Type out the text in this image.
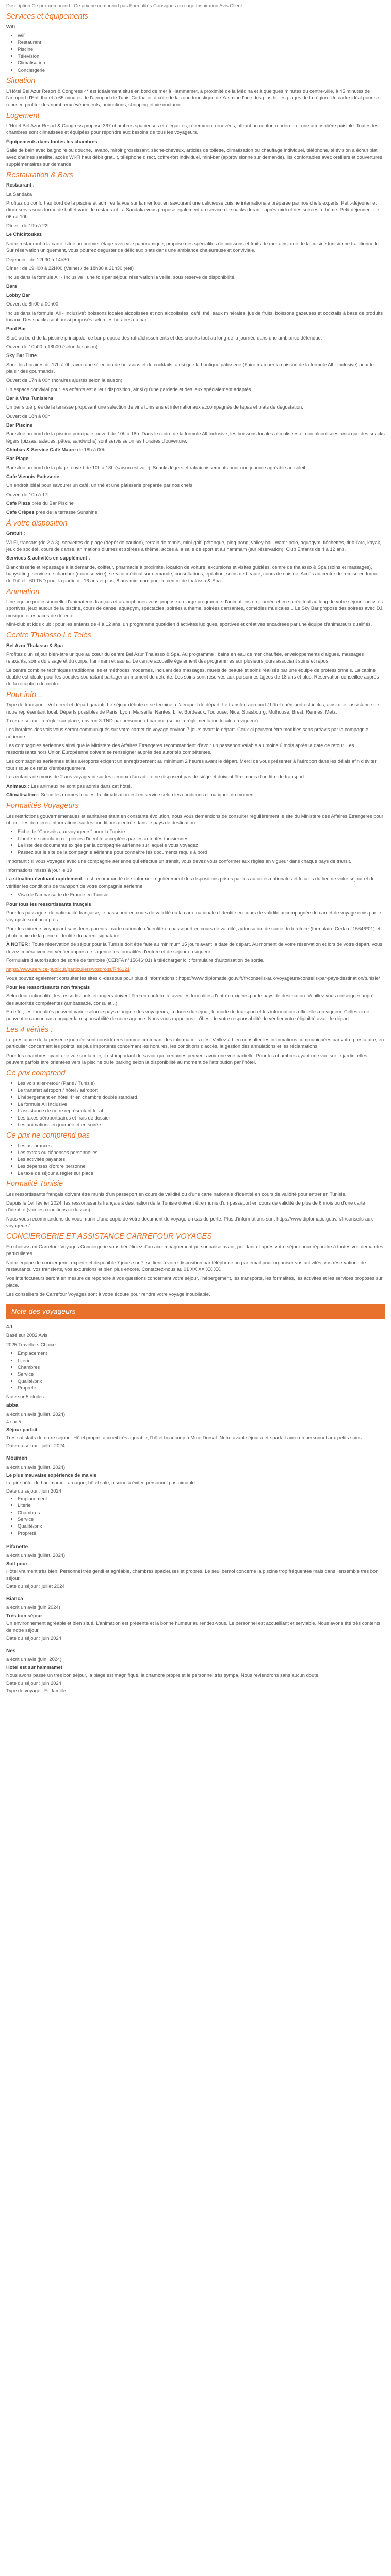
Description Ce prix comprend : Ce prix ne comprend pas Formalités Consignes en cage Inspiration Avis Client

Services et équipements

Wifi

• Wifi
• Restaurant
• Piscine
• Télévision
• Climatisation
• Conciergerie
Situation

L'Hôtel Bel Azur Resort & Congress 4* est idéalement situé en bord de mer à Hammamet, à proximité de la Médina et à quelques minutes du centre-ville, à 45 minutes de l'aéroport d'Enfidha et à 65 minutes de l'aéroport de Tunis-Carthage, à côté de la zone touristique de Yasmine l'une des plus belles plages de la région. Un cadre idéal pour se reposer, profiter des nombreux événements, animations, shopping et vie nocturne.

Logement

L'Hôtel Bel Azur Resort & Congress propose 367 chambres spacieuses et élégantes, récemment rénovées, offrant un confort moderne et une atmosphère paisible. Toutes les chambres sont climatisées et équipées pour répondre aux besoins de tous les voyageurs.

Équipements dans toutes les chambres

Salle de bain avec baignoire ou douche, lavabo, miroir grossissant, sèche-cheveux, articles de toilette, climatisation ou chauffage individuel, téléphone, télévision à écran plat avec chaînes satellite, accès Wi-Fi haut débit gratuit, téléphone direct, coffre-fort individuel, mini-bar (approvisionné sur demande), lits confortables avec oreillers et couvertures supplémentaires sur demande.

Restauration & Bars

Restaurant :

La Sandaka

Profitez du confort au bord de la piscine et admirez la vue sur la mer tout en savourant une délicieuse cuisine internationale préparée par nos chefs experts. Petit-déjeuner et dîner servis sous forme de buffet varié, le restaurant La Sandaka vous propose également un service de snacks durant l'après-midi et des soirées à thème. Petit déjeuner : de 06h à 10h

Dîner : de 19h à 22h

Le Chicktoukaz

Notre restaurant à la carte, situé au premier étage avec vue panoramique, propose des spécialités de poissons et fruits de mer ainsi que de la cuisine tunisienne traditionnelle. Sur réservation uniquement, vous pourrez déguster de délicieux plats dans une ambiance chaleureuse et conviviale.

Déjeuner : de 12h30 à 14h30

Dîner : de 19H00 à 22H00 (Veine) / de 18h30 à 21h30 (été)

Inclus dans la formule All - Inclusive : une fois par séjour, réservation la veille, sous réserve de disponibilité.

Bars

Lobby Bar

Ouvert de 8h00 à 00h00

Inclus dans la formule 'All - Inclusive': boissons locales alcoolisées et non alcoolisées, café, thé, eaux minérales, jus de fruits, boissons gazeuses et cocktails à base de produits locaux. Des snacks sont aussi proposés selon les horaires du bar.

Pool Bar

Situé au bord de la piscine principale, ce bar propose des rafraîchissements et des snacks tout au long de la journée dans une ambiance détendue.

Ouvert de 10h00 à 18h00 (selon la saison)

Sky Bar Time

Sous les horaires de 17h à 0h, avec une sélection de boissons et de cocktails, ainsi que la boutique pâtisserie (Faire marcher la cuisson de la formule All - Inclusive) pour le plaisir des gourmands.

Ouvert de 17h à 00h (horaires ajustés selon la saison)

Un espace convivial pour les enfants est à leur disposition, ainsi qu'une garderie et des jeux spécialement adaptés.

Bar à Vins Tunisiens

Un bar situé près de la terrasse proposant une sélection de vins tunisiens et internationaux accompagnés de tapas et plats de dégustation.

Ouvert de 18h à 00h

Bar Piscine

Bar situé au bord de la piscine principale, ouvert de 10h à 18h. Dans le cadre de la formule All Inclusive, les boissons locales alcoolisées et non alcoolisées ainsi que des snacks légers (pizzas, salades, pâtes, sandwichs) sont servis selon les horaires d'ouverture.

Chichas & Service Café Maure de 18h à 00h

Bar Plage

Bar situé au bord de la plage, ouvert de 10h à 18h (saison estivale). Snacks légers et rafraîchissements pour une journée agréable au soleil.

Cafe Vienois Patisserie

Un endroit idéal pour savourer un café, un thé et une pâtisserie préparée par nos chefs.

Ouvert de 10h à 17h

Cafe Plaza près du Bar Piscine

Cafe Crêpes près de la terrasse Sunshine

À votre disposition

Gratuit :

Wi-Fi, transats (de 2 à 3), serviettes de plage (dépôt de caution), terrain de tennis, mini-golf, pétanque, ping-pong, volley-ball, water-polo, aquagym, fléchettes, tir à l'arc, kayak, jeux de société, cours de danse, animations diurnes et soirées à thème, accès à la salle de sport et au hammam (sur réservation), Club Enfants de 4 à 12 ans.

Services & activités en supplément :

Blanchisserie et repassage à la demande, coiffeur, pharmacie à proximité, location de voiture, excursions et visites guidées, centre de thalasso & Spa (soins et massages), babysitting, service de chambre (room service), service médical sur demande, consultations, épilation, soins de beauté, cours de cuisine. Accès au centre de remise en forme de l'hôtel : 60 TND pour la partie de 16 ans et plus, 8 ans minimum pour le centre de thalasso & Spa.

Animation

Une équipe professionnelle d'animateurs français et arabophones vous propose un large programme d'animations en journée et en soirée tout au long de votre séjour : activités sportives, jeux autour de la piscine, cours de danse, aquagym, spectacles, soirées à thème, soirées dansantes, comédies musicales... Le Sky Bar propose des soirées avec DJ, musique et espaces de détente.

Mini-club et kids club : pour les enfants de 4 à 12 ans, un programme quotidien d'activités ludiques, sportives et créatives encadrées par une équipe d'animateurs qualifiés.

Centre Thalasso Le Telès

Bel Azur Thalasso & Spa

Profitez d'un séjour bien-être unique au cœur du centre Bel Azur Thalasso & Spa. Au programme : bains en eau de mer chauffée, enveloppements d'algues, massages relaxants, soins du visage et du corps, hammam et sauna. Le centre accueille également des programmes sur plusieurs jours associant soins et repos.

Le centre combine techniques traditionnelles et méthodes modernes, incluant des massages, rituels de beauté et soins réalisés par une équipe de professionnels. La cabine double est idéale pour les couples souhaitant partager un moment de détente. Les soins sont réservés aux personnes âgées de 18 ans et plus. Réservation conseillée auprès de la réception du centre.

Pour info...

Type de transport : Vol direct et départ garanti. Le séjour débute et se termine à l'aéroport de départ. Le transfert aéroport / hôtel / aéroport est inclus, ainsi que l'assistance de notre représentant local. Départs possibles de Paris, Lyon, Marseille, Nantes, Lille, Bordeaux, Toulouse, Nice, Strasbourg, Mulhouse, Brest, Rennes, Metz.

Taxe de séjour : à régler sur place, environ 3 TND par personne et par nuit (selon la réglementation locale en vigueur).

Les horaires des vols vous seront communiqués sur votre carnet de voyage environ 7 jours avant le départ. Ceux-ci peuvent être modifiés sans préavis par la compagnie aérienne.

Les compagnies aériennes ainsi que le Ministère des Affaires Étrangères recommandent d'avoir un passeport valable au moins 6 mois après la date de retour. Les ressortissants hors Union Européenne doivent se renseigner auprès des autorités compétentes.

Les compagnies aériennes et les aéroports exigent un enregistrement au minimum 2 heures avant le départ. Merci de vous présenter à l'aéroport dans les délais afin d'éviter tout risque de refus d'embarquement.

Les enfants de moins de 2 ans voyageant sur les genoux d'un adulte ne disposent pas de siège et doivent être munis d'un titre de transport.

Animaux : Les animaux ne sont pas admis dans cet hôtel.

Climatisation : Selon les normes locales, la climatisation est en service selon les conditions climatiques du moment.

Formalités Voyageurs

Les restrictions gouvernementales et sanitaires étant en constante évolution, nous vous demandons de consulter régulièrement le site du Ministère des Affaires Étrangères pour obtenir les dernières informations sur les conditions d'entrée dans le pays de destination.

• Fiche de "Conseils aux voyageurs" pour la Tunisie
• Liberté de circulation et pièces d'identité acceptées par les autorités tunisiennes
• La liste des documents exigés par la compagnie aérienne sur laquelle vous voyagez
• Passez sur le site de la compagnie aérienne pour connaître les documents requis à bord

Important : si vous voyagez avec une compagnie aérienne qui effectue un transit, vous devez vous conformer aux règles en vigueur dans chaque pays de transit.

Informations mises à jour le 19

La situation évoluant rapidement il est recommandé de s'informer régulièrement des dispositions prises par les autorités nationales et locales du lieu de votre séjour et de vérifier les conditions de transport de votre compagnie aérienne.

• Visa de l'ambassade de France en Tunisie

Pour tous les ressortissants français

Pour les passagers de nationalité française, le passeport en cours de validité ou la carte nationale d'identité en cours de validité accompagnée du carnet de voyage émis par le voyagiste sont acceptés.

Pour les mineurs voyageant sans leurs parents : carte nationale d'identité ou passeport en cours de validité, autorisation de sortie du territoire (formulaire Cerfa n°15646*01) et photocopie de la pièce d'identité du parent signataire.

À NOTER : Toute réservation de séjour pour la Tunisie doit être faite au minimum 15 jours avant la date de départ. Au moment de votre réservation et lors de votre départ, vous devez impérativement vérifier auprès de l'agence les formalités d'entrée et de séjour en vigueur.

Formulaire d'autorisation de sortie de territoire (CERFA n°15646*01) à télécharger ici : formulaire d'autorisation de sortie.

https://www.service-public.fr/particuliers/vosdroits/R46121

Vous pouvez également consulter les sites ci-dessous pour plus d'informations : https://www.diplomatie.gouv.fr/fr/conseils-aux-voyageurs/conseils-par-pays-destination/tunisie/

Pour les ressortissants non français

Selon leur nationalité, les ressortissants étrangers doivent être en conformité avec les formalités d'entrée exigées par le pays de destination. Veuillez vous renseigner auprès des autorités compétentes (ambassade, consulat...).

En effet, les formalités peuvent varier selon le pays d'origine des voyageurs, la durée du séjour, le mode de transport et les informations officielles en vigueur. Celles-ci ne peuvent en aucun cas engager la responsabilité de notre agence. Nous vous rappelons qu'il est de votre responsabilité de vérifier votre éligibilité avant le départ.

Les 4 vérités :

Le prestataire de la présente journée sont considérées comme contenant des informations clés. Veillez à bien consulter les informations communiquées par votre prestataire, en particulier concernant les points les plus importants concernant les horaires, les conditions d'accès, la gestion des annulations et les réclamations.

Pour les chambres ayant une vue sur la mer, il est important de savoir que certaines peuvent avoir une vue partielle. Pour les chambres ayant une vue sur le jardin, elles peuvent parfois être orientées vers la piscine ou le parking selon la disponibilité au moment de l'attribution par l'hôtel.

Ce prix comprend
• Les vols aller-retour (Paris / Tunisie)
• Le transfert aéroport / hôtel / aéroport
• L'hébergement en hôtel 4* en chambre double standard
• La formule All Inclusive
• L'assistance de notre représentant local
• Les taxes aéroportuaires et frais de dossier
• Les animations en journée et en soirée
Ce prix ne comprend pas
• Les assurances
• Les extras ou dépenses personnelles
• Les activités payantes
• Les dépenses d'ordre personnel
• La taxe de séjour à régler sur place
Formalité Tunisie

Les ressortissants français doivent être munis d'un passeport en cours de validité ou d'une carte nationale d'identité en cours de validité pour entrer en Tunisie.

Depuis le 1er février 2024, les ressortissants français à destination de la Tunisie doivent être munis d'un passeport en cours de validité de plus de 6 mois ou d'une carte d'identité (voir les conditions ci-dessus).

Nous vous recommandons de vous munir d'une copie de votre document de voyage en cas de perte. Plus d'informations sur : https://www.diplomatie.gouv.fr/fr/conseils-aux-voyageurs/

CONCIERGERIE ET ASSISTANCE CARREFOUR VOYAGES

En choisissant Carrefour Voyages Conciergerie vous bénéficiez d'un accompagnement personnalisé avant, pendant et après votre séjour pour répondre à toutes vos demandes particulières.

Notre équipe de conciergerie, experte et disponible 7 jours sur 7, se tient à votre disposition par téléphone ou par email pour organiser vos activités, vos réservations de restaurants, vos transferts, vos excursions et bien plus encore. Contactez-nous au 01 XX XX XX XX.

Vos interlocuteurs seront en mesure de répondre à vos questions concernant votre séjour, l'hébergement, les transports, les formalités, les activités et les services proposés sur place.

Les conseillers de Carrefour Voyages sont à votre écoute pour rendre votre voyage inoubliable.

Note des voyageurs

4.1

Basé sur 2082 Avis

2025 Travellers Choice

• Emplacement
• Literie
• Chambres
• Service
• Qualité/prix
• Propreté

Noté sur 5 étoiles

abba

a écrit un avis (juillet, 2024)

4 sur 5

Séjour parfait

Très satisfaits de notre séjour : Hôtel propre, accueil très agréable, l'hôtel beaucoup à Mme Dorsaf. Notre avant séjour à été parfait avec un personnel aux petits soins.

Date du séjour : juillet 2024

Moumen

a écrit un avis (juillet, 2024)

Le plus mauvaise expérience de ma vie

Le pire hôtel de hammamet, arnaque, hôtel sale, piscine à éviter, personnel pas aimable.

Date du séjour : juin 2024

• Emplacement
• Literie
• Chambres
• Service
• Qualité/prix
• Propreté

Pifanette

a écrit un avis (juillet, 2024)

Soit pour

Hôtel vraiment très bien. Personnel très gentil et agréable, chambres spacieuses et propres. Le seul bémol concerne la piscine trop fréquentée mais dans l'ensemble très bon séjour.

Date du séjour : juillet 2024

Bianca

a écrit un avis (juin 2024)

Très bon séjour

Un environnement agréable et bien situé. L'animation est présente et la bonne humeur au rendez-vous. Le personnel est accueillant et serviable. Nous avons été très contents de notre séjour.

Date du séjour : juin 2024

Nes

a écrit un avis (juin, 2024)

Hotel est sur hammamet

Nous avons passé un très bon séjour, la plage est magnifique, la chambre propre et le personnel très sympa. Nous reviendrons sans aucun doute.

Date du séjour : juin 2024

Type de voyage : En famille
